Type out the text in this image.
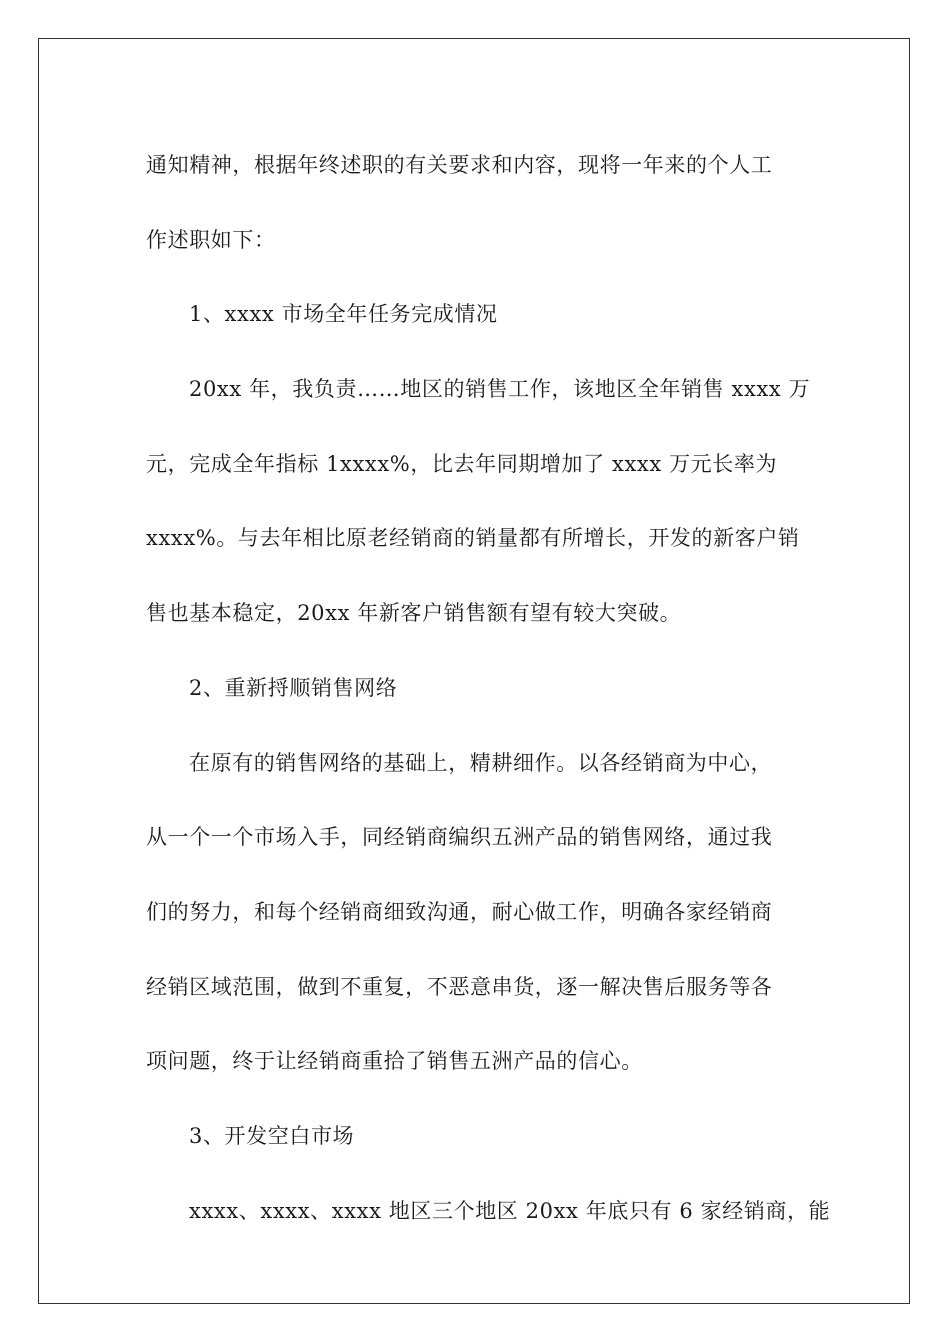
通知精神，根据年终述职的有关要求和内容，现将一年来的个人工
作述职如下：
1、xxxx 市场全年任务完成情况
20xx 年，我负责……地区的销售工作，该地区全年销售 xxxx 万
元，完成全年指标 1xxxx%，比去年同期增加了 xxxx 万元长率为
xxxx%。与去年相比原老经销商的销量都有所增长，开发的新客户销
售也基本稳定，20xx 年新客户销售额有望有较大突破。
2、重新捋顺销售网络
在原有的销售网络的基础上，精耕细作。以各经销商为中心，
从一个一个市场入手，同经销商编织五洲产品的销售网络，通过我
们的努力，和每个经销商细致沟通，耐心做工作，明确各家经销商
经销区域范围，做到不重复，不恶意串货，逐一解决售后服务等各
项问题，终于让经销商重拾了销售五洲产品的信心。
3、开发空白市场
xxxx、xxxx、xxxx 地区三个地区 20xx 年底只有 6 家经销商，能
